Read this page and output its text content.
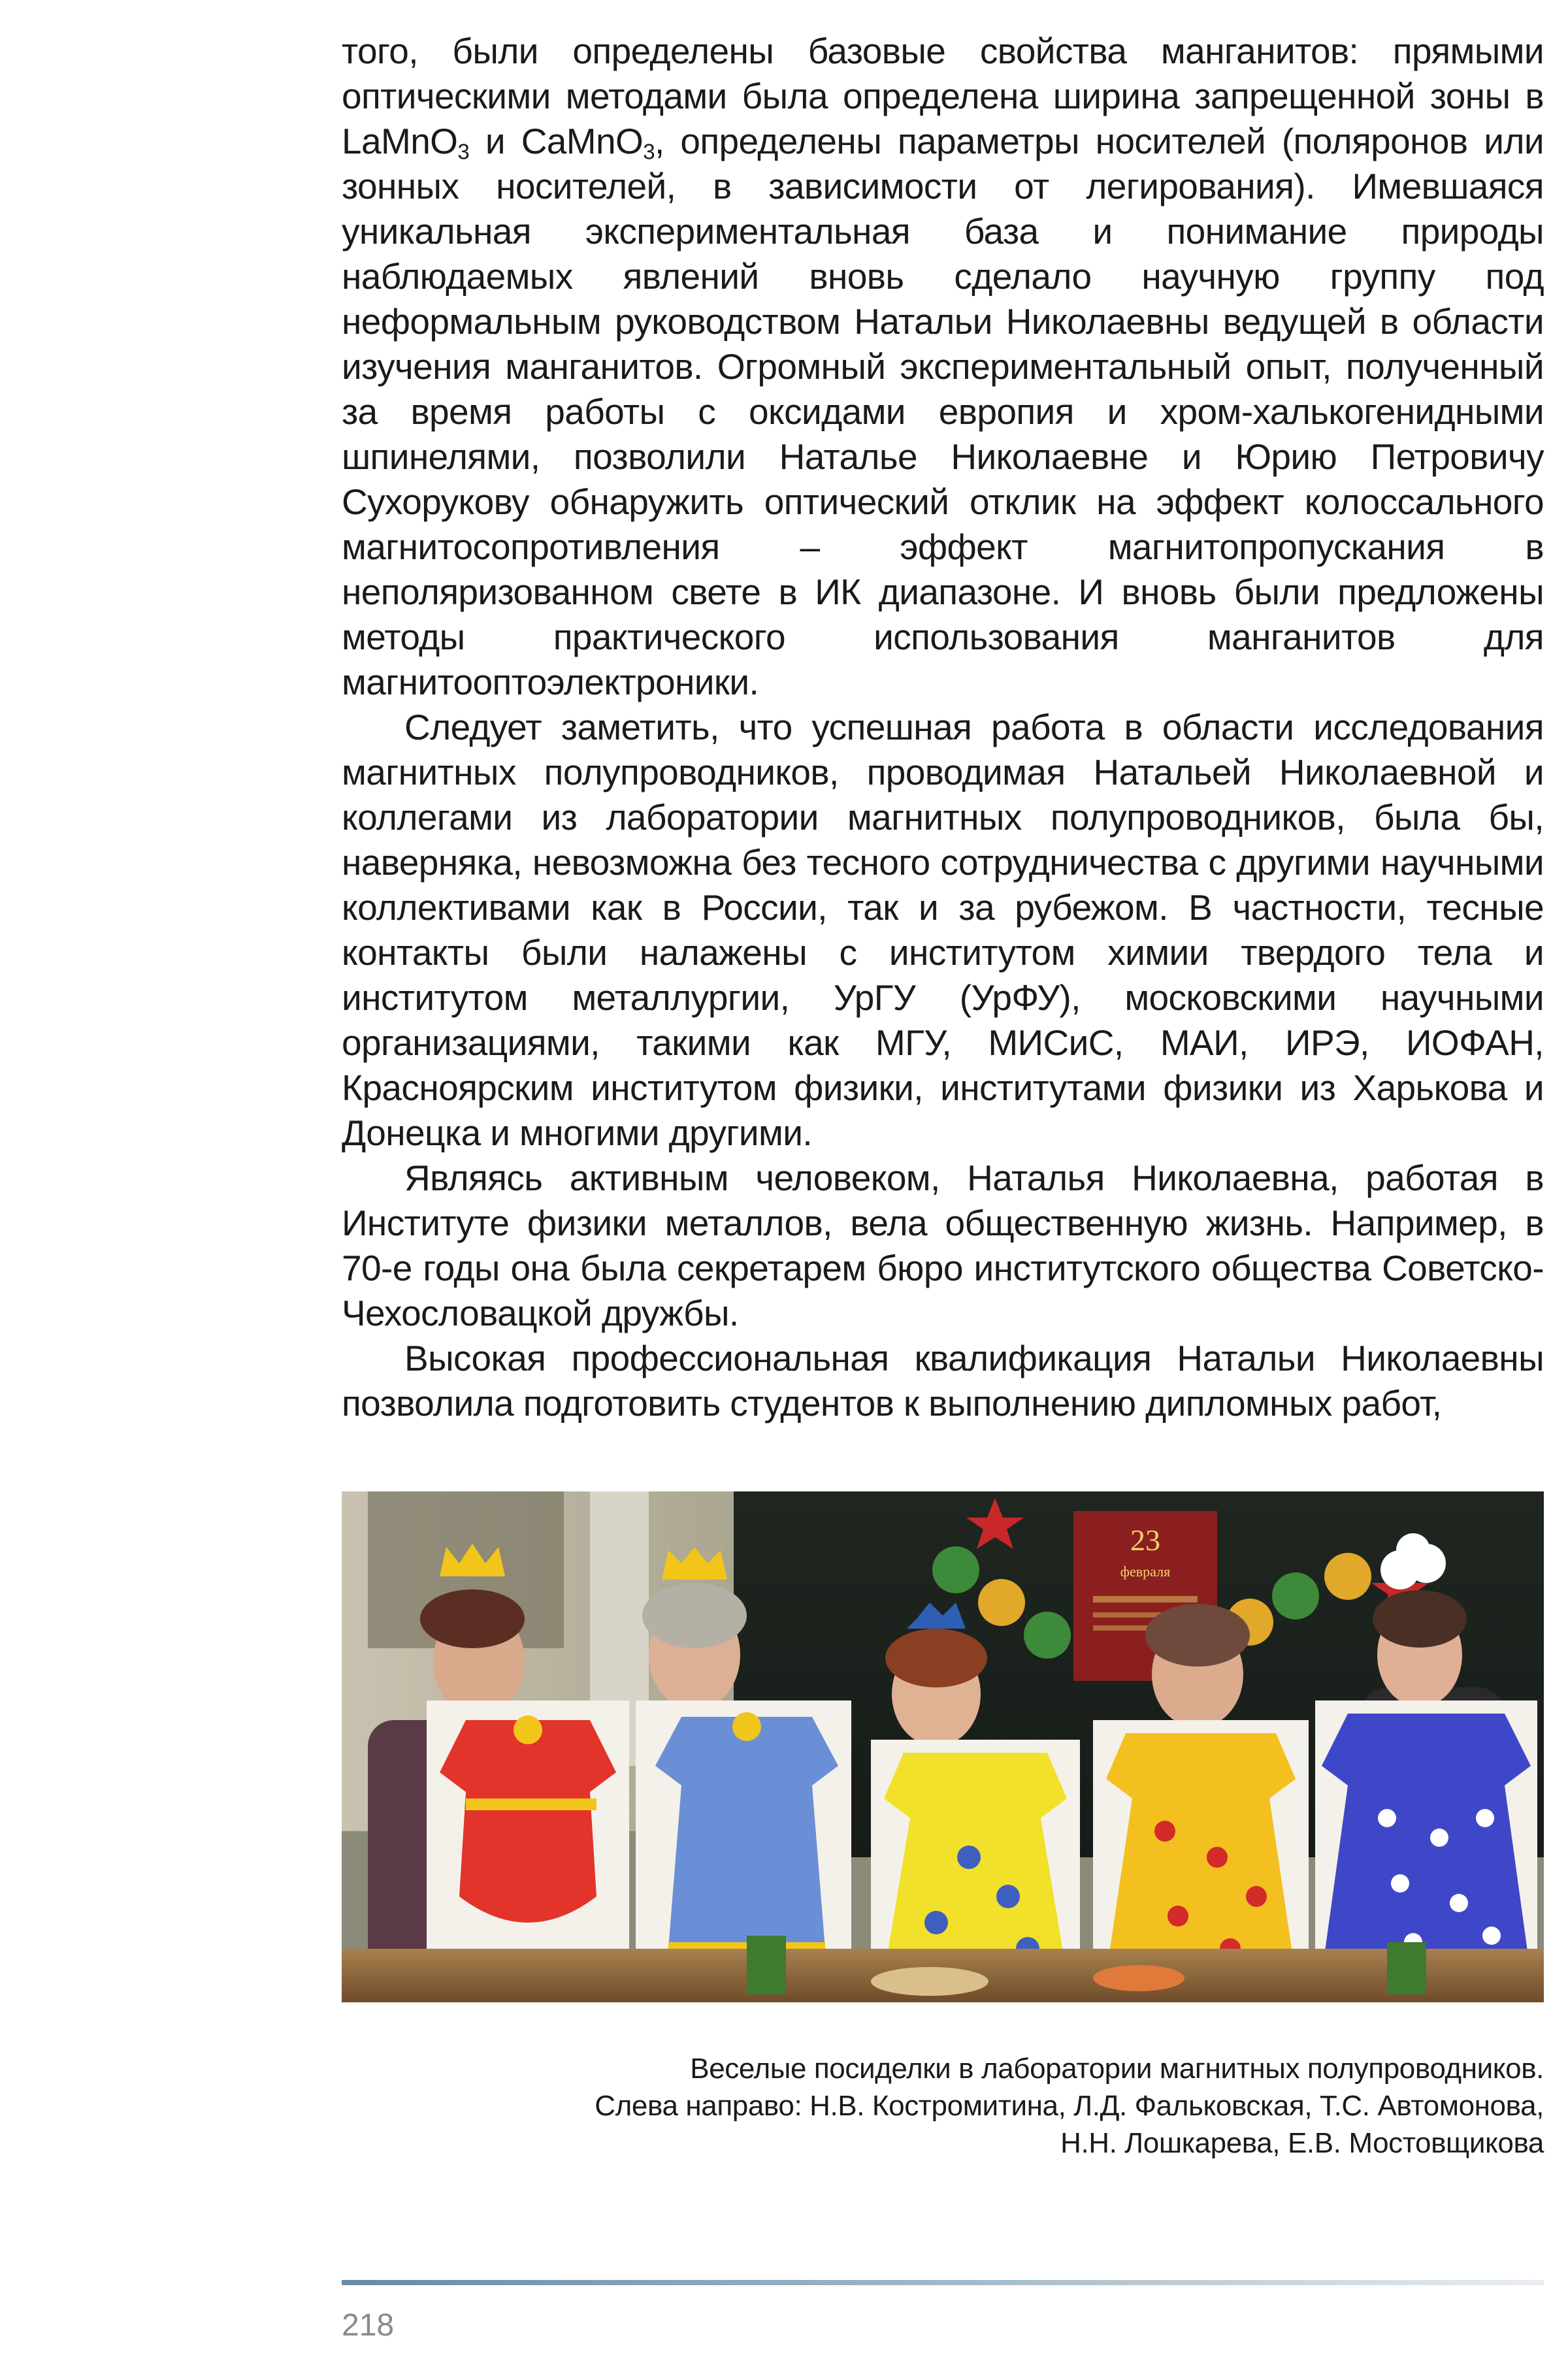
того, были определены базовые свойства манганитов: прямыми оптическими методами была определена ширина запрещенной зоны в LaMnO$_3$ и CaMnO$_3$, определены параметры носителей (поляронов или зонных носителей, в зависимости от легирования). Имевшаяся уникальная экспериментальная база и понимание природы наблюдаемых явлений вновь сделало научную группу под неформальным руководством Натальи Николаевны ведущей в области изучения манганитов. Огромный экспериментальный опыт, полученный за время работы с оксидами европия и хром-халькогенидными шпинелями, позволили Наталье Николаевне и Юрию Петровичу Сухорукову обнаружить оптический отклик на эффект колоссального магнитосопротивления – эффект магнитопропускания в неполяризованном свете в ИК диапазоне. И вновь были предложены методы практического использования манганитов для магнитооптоэлектроники.

Следует заметить, что успешная работа в области исследования магнитных полупроводников, проводимая Натальей Николаевной и коллегами из лаборатории магнитных полупроводников, была бы, наверняка, невозможна без тесного сотрудничества с другими научными коллективами как в России, так и за рубежом. В частности, тесные контакты были налажены с институтом химии твердого тела и институтом металлургии, УрГУ (УрФУ), московскими научными организациями, такими как МГУ, МИСиС, МАИ, ИРЭ, ИОФАН, Красноярским институтом физики, институтами физики из Харькова и Донецка и многими другими.

Являясь активным человеком, Наталья Николаевна, работая в Институте физики металлов, вела общественную жизнь. Например, в 70-е годы она была секретарем бюро институтского общества Советско-Чехословацкой дружбы.

Высокая профессиональная квалификация Натальи Николаевны позволила подготовить студентов к выполнению дипломных работ,

23
февраля
Веселые посиделки в лаборатории магнитных полупроводников.
Слева направо: Н.В. Костромитина, Л.Д. Фальковская, Т.С. Автомонова,
Н.Н. Лошкарева, Е.В. Мостовщикова
218
